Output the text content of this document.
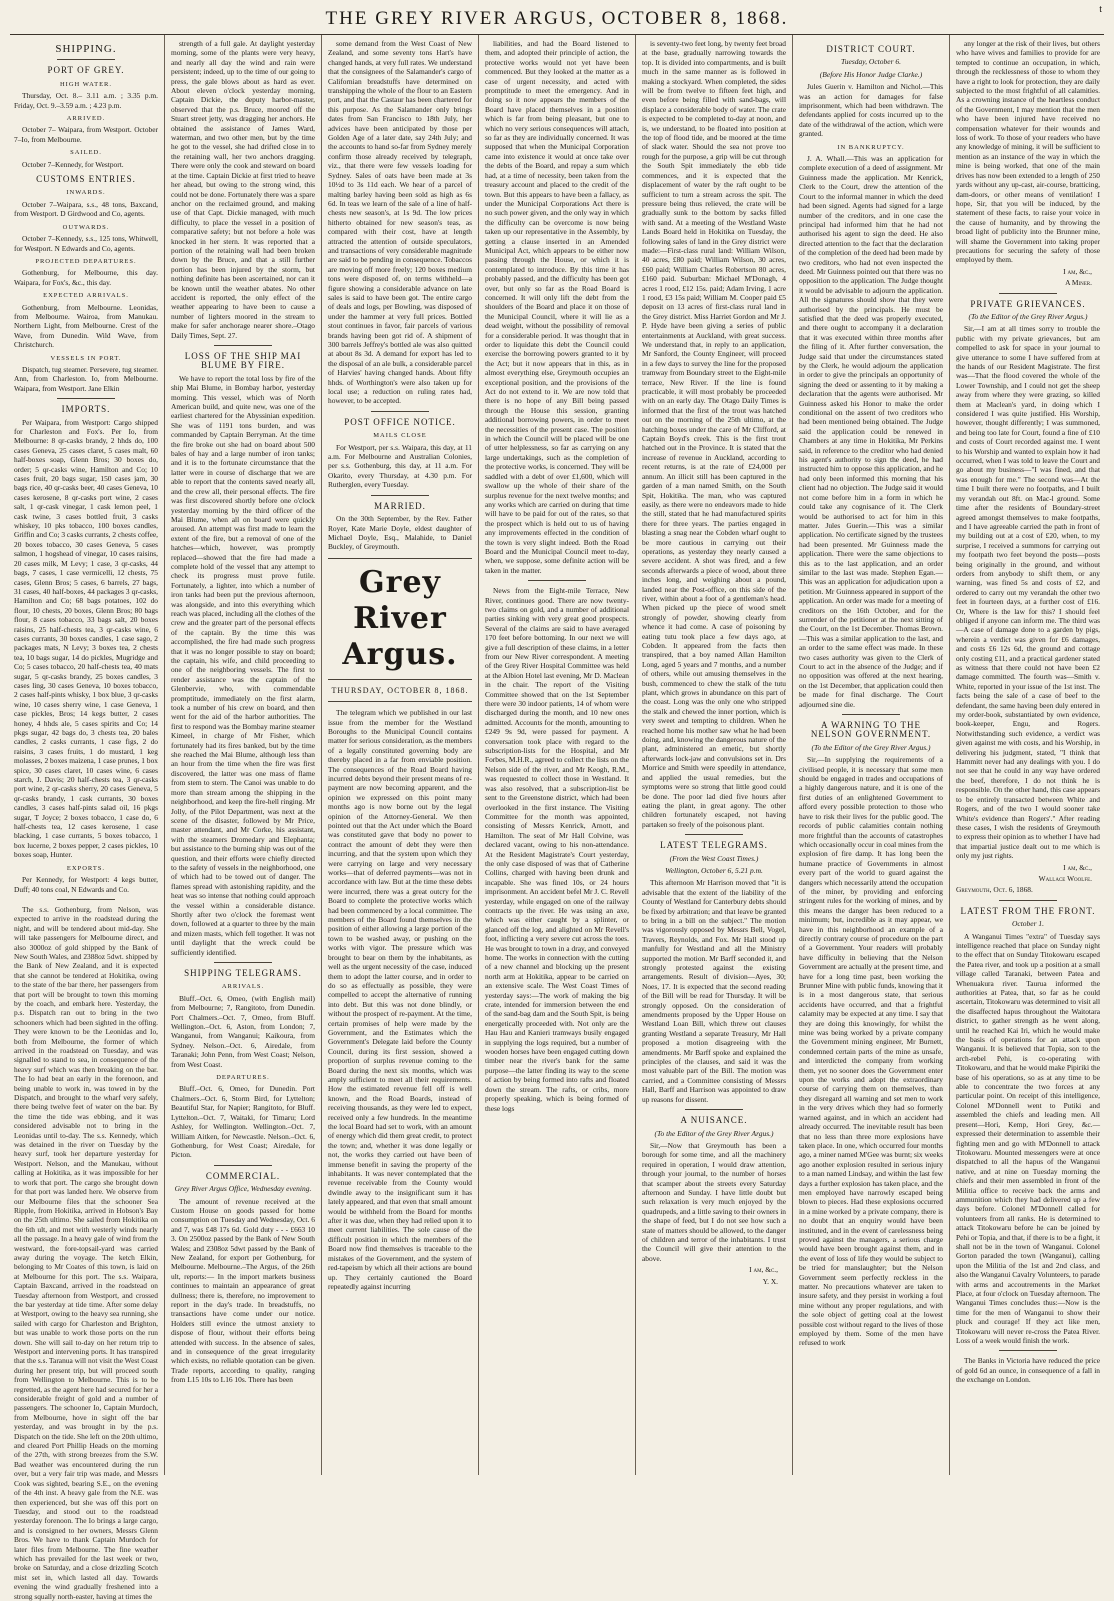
t
THE GREY RIVER ARGUS, OCTOBER 8, 1868.
SHIPPING.
PORT OF GREY.
HIGH WATER.

Thursday, Oct. 8.– 3.11 a.m. ; 3.35 p.m. Friday, Oct. 9.–3.59 a.m. ; 4.23 p.m.

ARRIVED.

October 7– Waipara, from Westport. October 7–Io, from Melbourne.

SAILED.

October 7–Kennedy, for Westport.

CUSTOMS ENTRIES.
INWARDS.

October 7–Waipara, s.s., 48 tons, Baxcand, from Westport. D Girdwood and Co, agents.

OUTWARDS.

October 7–Kennedy, s.s., 125 tons, Whitwell, for Westport. N Edwards and Co, agents.

PROJECTED DEPARTURES.

Gothenburg, for Melbourne, this day. Waipara, for Fox's, &c., this day.

EXPECTED ARRIVALS.

Gothenburg, from Melbourne. Leonidas, from Melbourne. Wairoa, from Manukau. Northern Light, from Melbourne. Crest of the Wave, from Dunedin. Wild Wave, from Christchurch.

VESSELS IN PORT.

Dispatch, tug steamer. Persevere, tug steamer. Ann, from Charleston. Io, from Melbourne. Waipara, from Westport. Jane Elkin

IMPORTS.

Per Waipara, from Westport: Cargo shipped for Charleston and Fox's. Per Io, from Melbourne: 8 qr-casks brandy, 2 hhds do, 100 cases Geneva, 25 cases claret, 5 cases malt, 60 half-boxes soap, Glenn Bros; 30 boxes do, order; 5 qr-casks wine, Hamilton and Co; 10 cases fruit, 20 bags sugar, 150 cases jam, 30 bags rice, 40 qr-casks beer, 40 cases Geneva, 10 cases kerosene, 8 qr-casks port wine, 2 cases salt, 1 qr-cask vinegar, 1 cask lemon peel, 1 cask twine, 3 cases bottled fruit, 3 casks whiskey, 10 pks tobacco, 100 boxes candles, Griffin and Co; 3 casks currants, 2 chests coffee, 20 boxes tobacco, 30 cases Geneva, 5 cases salmon, 1 hogshead of vinegar, 10 cases raisins, 20 cases milk, M Levy; 1 case, 3 qr-casks, 44 bags, 7 cases, 1 case vermicelli, 12 chests, 75 cases, Glenn Bros; 5 cases, 6 barrels, 27 bags, 31 cases, 40 half-boxes, 44 packages 3 qr-casks, Hamilton and Co; 68 bags potatoes, 102 do flour, 10 chests, 20 boxes, Glenn Bros; 80 bags flour, 8 cases tobacco, 33 bags salt, 20 boxes raisins, 25 half-chests tea, 3 qr-casks wine, 6 cases currants, 30 boxes candles, 1 case sago, 2 packages mats, N Levy; 3 boxes tea, 2 chests tea, 10 bags sugar, 14 do pickles, Mugridge and Co; 5 cases tobacco, 20 half-chests tea, 40 mats sugar, 5 qr-casks brandy, 25 boxes candles, 3 cases ling, 30 cases Geneva, 10 boxes tobacco, 2 cases half-pints whisky, 1 box blue, 3 qr-casks wine, 10 cases sherry wine, 1 case Geneva, 1 case pickles, Bros; 14 kegs butter, 2 cases honey, 4 hhds ale, 5 cases spirits and Co; 14 pkgs sugar, 42 bags do, 3 chests tea, 20 bales candles, 2 casks currants, 1 case figs, 2 do raisins, 3 cases fruits, 1 do mustard, 1 keg molasses, 2 boxes maizena, 1 case prunes, 1 box spice, 30 cases claret, 10 cases wine, 6 cases starch, J. Davis; 20 half-chests tea, 3 qr-casks port wine, 2 qr-casks sherry, 20 cases Geneva, 5 qr-casks brandy, 1 cask currants, 30 boxes candles, 3 cases half-pints salad oil, 16 pkgs sugar, T Joyce; 2 boxes tobacco, 1 case do, 6 half-chests tea, 12 cases kerosene, 1 case blacking, 1 case currants, 5 boxes tobacco, 1 box lucerne, 2 boxes pepper, 2 cases pickles, 10 boxes soap, Hunter.

EXPORTS.

Per Kennedy, for Westport: 4 kegs butter, Duff; 40 tons coal, N Edwards and Co.

The s.s. Gothenburg, from Nelson, was expected to arrive in the roadstead during the night, and will be tendered about mid-day. She will take passengers for Melbourne direct, and also 3000oz of gold shipped by the Bank of New South Wales, and 2388oz 5dwt. shipped by the Bank of New Zealand, and it is expected that she cannot be tendered at Hokitika, owing to the state of the bar there, her passengers from that port will be brought to town this morning by the coach, and embark here. Yesterday, the p.s. Dispatch ran out to bring in the two schooners which had been sighted in the offing. They were known to be the Leonidas and Io, both from Melbourne, the former of which arrived in the roadstead on Tuesday, and was signalled to stand to sea, in consequence of the heavy surf which was then breaking on the bar. The Io had beat an early in the forenoon, and being unable to work in, was towed in by the Dispatch, and brought to the wharf very safely, there being twelve feet of water on the bar. By the time the tide was ebbing, and it was considered advisable not to bring in the Leonidas until to-day. The s.s. Kennedy, which was detained in the river on Tuesday by the heavy surf, took her departure yesterday for Westport. Nelson, and the Manukau, without calling at Hokitika, as it was impossible for her to work that port. The cargo she brought down for that port was landed here. We observe from our Melbourne files that the schooner Sea Ripple, from Hokitika, arrived in Hobson's Bay on the 25th ultimo. She sailed from Hokitika on the 6th ult, and met with westerly winds nearly all the passage. In a heavy gale of wind from the westward, the fore-topsail-yard was carried away during the voyage. The ketch Elkin, belonging to Mr Coates of this town, is laid on at Melbourne for this port. The s.s. Waipara, Captain Baxcand, arrived in the roadstead on Tuesday afternoon from Westport, and crossed the bar yesterday at tide time. After some delay at Westport, owing to the heavy sea running, she sailed with cargo for Charleston and Brighton, but was unable to work those ports on the run down. She will sail to-day on her return trip to Westport and intervening ports. It has transpired that the s.s. Taranua will not visit the West Coast during her present trip, but will proceed south from Wellington to Melbourne. This is to be regretted, as the agent here had secured for her a considerable freight of gold and a number of passengers. The schooner Io, Captain Murdoch, from Melbourne, hove in sight off the bar yesterday, and was brought in by the p.s. Dispatch on the tide. She left on the 20th ultimo, and cleared Port Phillip Heads on the morning of the 27th, with strong breezes from the S.W. Bad weather was encountered during the run over, but a very fair trip was made, and Messrs Cook was sighted, bearing S.E., on the evening of the 4th inst. A heavy gale from the N.E. was then experienced, but she was off this port on Tuesday, and stood out to the roadstead yesterday forenoon. The Io brings a large cargo, and is consigned to her owners, Messrs Glenn Bros. We have to thank Captain Murdoch for later files from Melbourne. The fine weather which has prevailed for the last week or two, broke on Saturday, and a close drizzling Scotch mist set in, which lasted all day. Towards evening the wind gradually freshened into a strong squally north-easter, having at times the

strength of a full gale. At daylight yesterday morning, some of the plants were very heavy, and nearly all day the wind and rain were persistent; indeed, up to the time of our going to press, the gale blows about as hard as ever. About eleven o'clock yesterday morning, Captain Dickie, the deputy harbor-master, observed that the p.s. Bruce, moored off the Stuart street jetty, was dragging her anchors. He obtained the assistance of James Ward, waterman, and two other men, but by the time he got to the vessel, she had drifted close in to the retaining wall, her two anchors dragging. There were only the cook and steward on board at the time. Captain Dickie at first tried to heave her ahead, but owing to the strong wind, this could not be done. Fortunately there was a spare anchor on the reclaimed ground, and making use of that Capt. Dickie managed, with much difficulty, to place the vessel in a position of comparative safety; but not before a hole was knocked in her stern. It was reported that a portion of the retaining wall had been broken down by the Bruce, and that a still further portion has been injured by the storm, but nothing definite has been ascertained, nor can it be known until the weather abates. No other accident is reported, the only effect of the weather appearing to have been to cause a number of lighters moored in the stream to make for safer anchorage nearer shore.–Otago Daily Times, Sept. 27.

LOSS OF THE SHIP MAI BLUME BY FIRE.

We have to report the total loss by fire of the ship Mai Blume, in Bombay harbor, yesterday morning. This vessel, which was of North American build, and quite new, was one of the earliest chartered for the Abyssinian expedition. She was of 1191 tons burden, and was commanded by Captain Berryman. At the time the fire broke out she had on board about 500 bales of hay and a large number of iron tanks; and it is to the fortunate circumstance that the latter were in course of discharge that we are able to report that the contents saved nearly all, and the crew all, their personal effects. The fire was first discovered shortly before one o'clock yesterday morning by the third officer of the Mai Blume, when all on board were quickly aroused. An attempt was first made to learn the extent of the fire, but a removal of one of the hatches—which, however, was promptly replaced—showed that the fire had made a complete hold of the vessel that any attempt to check its progress must prove futile. Fortunately, a lighter, into which a number of iron tanks had been put the previous afternoon, was alongside, and into this everything which reach was placed, including all the clothes of the crew and the greater part of the personal effects of the captain. By the time this was accomplished, the fire had made such progress that it was no longer possible to stay on board; the captain, his wife, and child proceeding to one of the neighboring vessels. The first to render assistance was the captain of the Glenbervie, who, with commendable promptitude, immediately on the first alarm, took a number of his crew on board, and then went for the aid of the harbor authorities. The first to respond was the Bombay marine steamer Kimeel, in charge of Mr Fisher, which fortunately had its fires banked, but by the time she reached the Mai Blume, although less than an hour from the time when the fire was first discovered, the latter was one mass of flame from stem to stern. The Canoi was unable to do more than stream among the shipping in the neighborhood, and keep the fire-hell ringing. Mr Jolly, of the Pilot Department, was next at the scene of the disaster, followed by Mr Price, master attendant, and Mr Corke, his assistant, with the steamers Dromedary and Elephanta; but assistance to the burning ship was out of the question, and their efforts were chiefly directed to the safety of vessels in the neighborhood, one of which had to be towed out of danger. The flames spread with astonishing rapidity, and the heat was so intense that nothing could approach the vessel within a considerable distance. Shortly after two o'clock the foremast went down, followed at a quarter to three by the main and mizen masts, which fell together. It was not until daylight that the wreck could be sufficiently identified.

SHIPPING TELEGRAMS.
ARRIVALS.

Bluff.–Oct. 6, Omeo, (with English mail) from Melbourne; 7, Rangitoto, from Dunedin. Port Chalmers.–Oct. 7, Omeo, from Bluff. Wellington.–Oct. 6, Aston, from London; 7, Wanganui, from Wanganui; Kaikoura, from Sydney. Nelson.–Oct. 6, Airedale, from Taranaki; John Penn, from West Coast; Nelson, from West Coast.

DEPARTURES.

Bluff.–Oct. 6, Omeo, for Dunedin. Port Chalmers.–Oct. 6, Storm Bird, for Lyttelton; Beautiful Star, for Napier; Rangitoto, for Bluff. Lyttelton.–Oct. 7, Waitaki, for Timaru; Lord Ashley, for Wellington. Wellington.–Oct. 7, William Aitken, for Newcastle. Nelson.–Oct. 6, Gothenburg, for West Coast; Airedale, for Picton.

COMMERCIAL.
Grey River Argus Office, Wednesday evening.

The amount of revenue received at the Custom House on goods passed for home consumption on Tuesday and Wednesday, Oct. 6 and 7, was £48 17s 6d. Gold duty - - - £663 10 3. On 2500oz passed by the Bank of New South Wales; and 2308oz 5dwt passed by the Bank of New Zealand, for export per Gothenburg, for Melbourne. Melbourne.–The Argus, of the 26th ult, reports:— In the import markets business continues to maintain an appearance of great dullness; there is, therefore, no improvement to report in the day's trade. In breadstuffs, no transactions have come under our notice. Holders still evince the utmost anxiety to dispose of flour, without their efforts being attended with success. In the absence of sales, and in consequence of the great irregularity which exists, no reliable quotation can be given. Trade reports, according to quality, ranging from L15 10s to L16 10s. There has been

some demand from the West Coast of New Zealand, and some seventy tons Hart's have changed hands, at very full rates. We understand that the consignees of the Salamander's cargo of Californian breadstuffs have determined on transhipping the whole of the flour to an Eastern port, and that the Castaur has been chartered for this purpose. As the Salamander only brings dates from San Francisco to 18th July, her advices have been anticipated by those per Golden Age of a later date, say 24th July; and the accounts to hand so-far from Sydney merely confirm those already received by telegraph, viz., that there were few vessels loading for Sydney. Sales of oats have been made at 3s 10½d to 3s 11d each. We hear of a parcel of malting barley having been sold as high as 6s 6d. In teas we learn of the sale of a line of half-chests new season's, at 1s 9d. The low prices hitherto obtained for new season's teas, as compared with their cost, have at length attracted the attention of outside speculators, and transactions of very considerable magnitude are said to be pending in consequence. Tobaccos are moving off more freely; 120 boxes medium tons were disposed of, on terms withheld—a figure showing a considerable advance on late sales is said to have been got. The entire cargo of deals and logs, per Bowling, was disposed of under the hammer at very full prices. Bottled stout continues in favor, fair parcels of various brands having been got rid of. A shipment of 300 barrels Jeffrey's bottled ale was also quitted at about 8s 3d. A demand for export has led to the disposal of an ale bulk, a considerable parcel of Harvies' having changed hands. About fifty hhds. of Worthington's were also taken up for local use; a reduction on ruling rates had, however, to be accepted.

POST OFFICE NOTICE.
MAILS CLOSE

For Westport, per s.s. Waipara, this day, at 11 a.m. For Melbourne and Australian Colonies, per s.s. Gothenburg, this day, at 11 a.m. For Okarito, every Thursday, at 4.30 p.m. For Rutherglen, every Tuesday.

MARRIED.

On the 30th September, by the Rev. Father Royer, Kate Marie Doyle, eldest daughter of Michael Doyle, Esq., Malahide, to Daniel Buckley, of Greymouth.

Grey River Argus.
THURSDAY, OCTOBER 8, 1868.

The telegram which we published in our last issue from the member for the Westland Boroughs to the Municipal Council contains matter for serious consideration, as the members of a legally constituted governing body are thereby placed in a far from enviable position. The consequences of the Road Board having incurred debts beyond their present means of re-payment are now becoming apparent, and the opinion we expressed on this point many months ago is now borne out by the legal opinion of the Attorney-General. We then pointed out that the Act under which the Board was constituted gave that body no power to contract the amount of debt they were then incurring, and that the system upon which they were carrying on large and very necessary works—that of deferred payments—was not in accordance with law. But at the time these debts were incurred, there was a great outcry for the Board to complete the protective works which had been commenced by a local committee. The members of the Board found themselves in the position of either allowing a large portion of the town to be washed away, or pushing on the works with vigor. The pressure which was brought to bear on them by the inhabitants, as well as the urgent necessity of the case, induced them to adopt the latter course, and in order to do so as effectually as possible, they were compelled to accept the alternative of running into debt. But this was not done blindly, or without the prospect of re-payment. At the time, certain promises of help were made by the Government, and the Estimates which the Government's Delegate laid before the County Council, during its first session, showed a proportion of surplus revenue coming to the Board during the next six months, which was amply sufficient to meet all their requirements. How the estimated revenue fell off is well known, and the Road Boards, instead of receiving thousands, as they were led to expect, received only a few hundreds. In the meantime the local Board had set to work, with an amount of energy which did them great credit, to protect the town; and, whether it was done legally or not, the works they carried out have been of immense benefit in saving the property of the inhabitants. It was never contemplated that the revenue receivable from the County would dwindle away to the insignificant sum it has lately appeared, and that even that small amount would be withheld from the Board for months after it was due, when they had relied upon it to meet current liabilities. The sole cause of the difficult position in which the members of the Board now find themselves is traceable to the mistakes of the Government, and the system of red-tapeism by which all their actions are bound up. They certainly cautioned the Board repeatedly against incurring

liabilities, and had the Board listened to them, and adopted their principle of action, the protective works would not yet have been commenced. But they looked at the matter as a case of urgent necessity, and acted with promptitude to meet the emergency. And in doing so it now appears the members of the Board have placed themselves in a position which is far from being pleasant, but one to which no very serious consequences will attach, so far as they are individually concerned. It was supposed that when the Municipal Corporation came into existence it would at once take over the debts of the Board, and repay a sum which had, at a time of necessity, been taken from the treasury account and placed to the credit of the town. But this appears to have been a fallacy, as under the Municipal Corporations Act there is no such power given, and the only way in which the difficulty can be overcome is now being taken up our representative in the Assembly, by getting a clause inserted in an Amended Municipal Act, which appears to be either now passing through the House, or which it is contemplated to introduce. By this time it has probably passed, and the difficulty has been got over, but only so far as the Road Board is concerned. It will only lift the debt from the shoulders of the Board and place it on those of the Municipal Council, where it will lie as a dead weight, without the possibility of removal for a considerable period. It was thought that in order to liquidate this debt the Council could exercise the borrowing powers granted to it by the Act; but it now appears that in this, as in almost everything else, Greymouth occupies an exceptional position, and the provisions of the Act do not extend to it. We are now told that there is no hope of any Bill being passed through the House this session, granting additional borrowing powers, in order to meet the necessities of the present case. The position in which the Council will be placed will be one of utter helplessness, so far as carrying on any large undertakings, such as the completion of the protective works, is concerned. They will be saddled with a debt of over £1,600, which will swallow up the whole of their share of the surplus revenue for the next twelve months; and any works which are carried on during that time will have to be paid for out of the rates, so that the prospect which is held out to us of having any improvements effected in the condition of the town is very slight indeed. Both the Road Board and the Municipal Council meet to-day, when, we suppose, some definite action will be taken in the matter.

News from the Eight-mile Terrace, New River, continues good. There are now twenty-two claims on gold, and a number of additional parties sinking with very great good prospects. Several of the claims are said to have averaged 170 feet before bottoming. In our next we will give a full description of these claims, in a letter from our New River correspondent. A meeting of the Grey River Hospital Committee was held at the Albion Hotel last evening, Mr D. Maclean in the chair. The report of the Visiting Committee showed that on the 1st September there were 30 indoor patients, 14 of whom were discharged during the month, and 10 new ones admitted. Accounts for the month, amounting to £249 9s 9d, were passed for payment. A conversation took place with regard to the subscription-lists for the Hospital, and Mr Forbes, M.H.R., agreed to collect the lists on the Nelson side of the river, and Mr Keogh, R.M., was requested to collect those in Westland. It was also resolved, that a subscription-list be sent to the Greenstone district, which had been overlooked in the first instance. The Visiting Committee for the month was appointed, consisting of Messrs Kenrick, Arnott, and Hamilton. The seat of Mr Hall Colvine, was declared vacant, owing to his non-attendance. At the Resident Magistrate's Court yesterday, the only case disposed of was that of Catherine Collins, charged with having been drunk and incapable. She was fined 10s, or 24 hours imprisonment. An accident befel Mr J. C. Revell yesterday, while engaged on one of the railway contracts up the river. He was using an axe, which was either caught by a splinter, or glanced off the log, and alighted on Mr Revell's foot, inflicting a very severe cut across the toes. He was brought to town in a dray, and conveyed home. The works in connection with the cutting of a new channel and blocking up the present north arm at Hokitika, appear to be carried on an extensive scale. The West Coast Times of yesterday says:—The work of making the big crate, intended for immersion between the end of the sand-bag dam and the South Spit, is being energetically proceeded with. Not only are the Hau Hau and Kanieri tramways busily engaged in supplying the logs required, but a number of wooden horses have been engaged cutting down timber near the river's bank for the same purpose—the latter finding its way to the scene of action by being formed into rafts and floated down the stream. The rafts, or cribs, more properly speaking, which is being formed of these logs

is seventy-two feet long, by twenty feet broad at the base, gradually narrowing towards the top. It is divided into compartments, and is built much in the same manner as is followed in making a stockyard. When completed, the sides will be from twelve to fifteen feet high, and even before being filled with sand-bags, will displace a considerable body of water. The crate is expected to be completed to-day at noon, and is, we understand, to be floated into position at the top of flood tide, and be moored at the time of slack water. Should the sea not prove too rough for the purpose, a grip will be cut through the South Spit immediately the ebb tide commences, and it is expected that the displacement of water by the raft ought to be sufficient to turn a stream across the spit. The pressure being thus relieved, the crate will be gradually sunk to the bottom by sacks filled with sand. At a meeting of the Westland Waste Lands Board held in Hokitika on Tuesday, the following sales of land in the Grey district were made:—First-class rural land: William Wilson, 40 acres, £80 paid; William Wilson, 30 acres, £60 paid; William Charles Robertson 80 acres, £160 paid. Suburban: Michael M'Donagh, 4 acres 1 rood, £12 15s. paid; Adam Irving, 1 acre 1 rood, £3 15s paid; William M. Cooper paid £5 deposit on 13 acres of first-class rural land in the Grey district. Miss Harriet Gordon and Mr J. P. Hyde have been giving a series of public entertainments at Auckland, with great success. We understand that, in reply to an application, Mr Sanford, the County Engineer, will proceed in a few days to survey the line for the proposed tramway from Boundary street to the Eight-mile terrace, New River. If the line is found practicable, it will most probably be proceeded with on an early day. The Otago Daily Times is informed that the first of the trout was hatched out on the morning of the 25th ultimo, at the hatching boxes under the care of Mr Clifford, at Captain Boyd's creek. This is the first trout hatched out in the Province. It is stated that the increase of revenue in Auckland, according to recent returns, is at the rate of £24,000 per annum. An illicit still has been captured in the garden of a man named Smith, on the South Spit, Hokitika. The man, who was captured easily, as there were no endeavors made to hide the still, stated that he had manufactured spirits there for three years. The parties engaged in blasting a snag near the Cobden wharf ought to be more cautious in carrying out their operations, as yesterday they nearly caused a severe accident. A shot was fired, and a few seconds afterwards a piece of wood, about three inches long, and weighing about a pound, landed near the Post-office, on this side of the river, within about a foot of a gentleman's head. When picked up the piece of wood smelt strongly of powder, showing clearly from whence it had come. A case of poisoning by eating tutu took place a few days ago, at Cobden. It appeared from the facts then transpired, that a boy named Allan Hamilton Long, aged 5 years and 7 months, and a number of others, while out amusing themselves in the bush, commenced to chew the stalk of the tutu plant, which grows in abundance on this part of the coast. Long was the only one who stripped the stalk and chewed the inner portion, which is very sweet and tempting to children. When he reached home his mother saw what he had been doing, and, knowing the dangerous nature of the plant, administered an emetic, but shortly afterwards lock-jaw and convulsions set in. Drs Morrice and Smith were speedily in attendance, and applied the usual remedies, but the symptoms were so strong that little good could be done. The poor lad died five hours after eating the plant, in great agony. The other children fortunately escaped, not having partaken so freely of the poisonous plant.

LATEST TELEGRAMS.
(From the West Coast Times.)
Wellington, October 6, 5.21 p.m.

This afternoon Mr Harrison moved that "it is advisable that the extent of the liability of the County of Westland for Canterbury debts should be fixed by arbitration; and that leave be granted to bring in a bill on the subject." The motion was vigorously opposed by Messrs Bell, Vogel, Travers, Reynolds, and Fox. Mr Hall stood up manfully for Westland and all the Ministry supported the motion. Mr Barff seconded it, and strongly protested against the existing arrangements. Result of division—Ayes, 30; Noes, 17. It is expected that the second reading of the Bill will be read for Thursday. It will be strongly opposed. On the consideration of amendments proposed by the Upper House on Westland Loan Bill, which threw out clauses granting Westland a separate Treasury, Mr Hall proposed a motion disagreeing with the amendments. Mr Barff spoke and explained the principles of the clauses, and said it was the most valuable part of the Bill. The motion was carried, and a Committee consisting of Messrs Hall, Barff and Harrison was appointed to draw up reasons for dissent.

A NUISANCE.
(To the Editor of the Grey River Argus.)

Sir,—Now that Greymouth has been a borough for some time, and all the machinery required in operation, I would draw attention, through your journal, to the number of horses that scamper about the streets every Saturday afternoon and Sunday. I have little doubt but such relaxation is very much enjoyed by the quadrupeds, and a little saving to their owners in the shape of feed, but I do not see how such a state of matters should be allowed, to the danger of children and terror of the inhabitants. I trust the Council will give their attention to the above.

I am, &c.,
Y. X.
DISTRICT COURT.
Tuesday, October 6.
(Before His Honor Judge Clarke.)

Jules Guerin v. Hamilton and Nichol.—This was an action for damages for false imprisonment, which had been withdrawn. The defendants applied for costs incurred up to the date of the withdrawal of the action, which were granted.

IN BANKRUPTCY.

J. A. Whall.—This was an application for complete execution of a deed of assignment. Mr Guinness made the application. Mr Kenrick, Clerk to the Court, drew the attention of the Court to the informal manner in which the deed had been signed. Agents had signed for a large number of the creditors, and in one case the principal had informed him that he had not authorised his agent to sign the deed. He also directed attention to the fact that the declaration of the completion of the deed had been made by two creditors, who had not even inspected the deed. Mr Guinness pointed out that there was no opposition to the application. The Judge thought it would be advisable to adjourn the application. All the signatures should show that they were authorised by the principals. He must be satisfied that the deed was properly executed, and there ought to accompany it a declaration that it was executed within three months after the filing of it. After further conversation, the Judge said that under the circumstances stated by the Clerk, he would adjourn the application in order to give the principals an opportunity of signing the deed or assenting to it by making a declaration that the agents were authorised. Mr Guinness asked his Honor to make the order conditional on the assent of two creditors who had been mentioned being obtained. The Judge said the application could be renewed in Chambers at any time in Hokitika, Mr Perkins said, in reference to the creditor who had denied his agent's authority to sign the deed, he had instructed him to oppose this application, and he had only been informed this morning that his client had no objection. The Judge said it would not come before him in a form in which he could take any cognisance of it. The Clerk would be authorised to act for him in this matter. Jules Guerin.—This was a similar application. No certificate signed by the trustees had been presented. Mr Guinness made the application. There were the same objections to this as to the last application, and an order similar to the last was made. Stephen Egan.—This was an application for adjudication upon a petition. Mr Guinness appeared in support of the application. An order was made for a meeting of creditors on the 16th October, and for the surrender of the petitioner at the next sitting of the Court, on the 1st December. Thomas Brown.—This was a similar application to the last, and an order to the same effect was made. In these two cases authority was given to the Clerk of Court to act in the absence of the Judge; and if no opposition was offered at the next hearing, on the 1st December, that application could then be made for final discharge. The Court adjourned sine die.

A WARNING TO THE NELSON GOVERNMENT.
(To the Editor of the Grey River Argus.)

Sir,—In supplying the requirements of a civilised people, it is necessary that some men should be engaged in trades and occupations of a highly dangerous nature, and it is one of the first duties of an enlightened Government to afford every possible protection to those who have to risk their lives for the public good. The records of public calamities contain nothing more frightful than the accounts of catastrophes which occasionally occur in coal mines from the explosion of fire damp. It has long been the humane practice of Governments in almost every part of the world to guard against the dangers which necessarily attend the occupation of the miner, by providing and enforcing stringent rules for the working of mines, and by this means the danger has been reduced to a minimum; but, incredible as it may appear, we have in this neighborhood an example of a directly contrary course of procedure on the part of a Government. Your readers will probably have difficulty in believing that the Nelson Government are actually at the present time, and have for a long time past, been working the Brunner Mine with public funds, knowing that it is in a most dangerous state, that serious accidents have occurred, and that a frightful calamity may be expected at any time. I say that they are doing this knowingly, for whilst the mine was being worked by a private company the Government mining engineer, Mr Burnett, condemned certain parts of the mine as unsafe, and interdicted the company from working them, yet no sooner does the Government enter upon the works and adopt the extraordinary course of carrying them on themselves, than they disregard all warning and set men to work in the very drives which they had so formerly warned against, and in which an accident had already occurred. The inevitable result has been that no less than three more explosions have taken place. In one, which occurred four months ago, a miner named M'Gee was burnt; six weeks ago another explosion resulted in serious injury to a man named Lindsay, and within the last few days a further explosion has taken place, and the men employed have narrowly escaped being blown to pieces. Had these explosions occurred in a mine worked by a private company, there is no doubt that an enquiry would have been instituted, and in the event of carelessness being proved against the managers, a serious charge would have been brought against them, and in the event of loss of life they would be subject to be tried for manslaughter; but the Nelson Government seem perfectly reckless in the matter. No precautions whatever are taken to insure safety, and they persist in working a foul mine without any proper regulations, and with the sole object of getting coal at the lowest possible cost without regard to the lives of those employed by them. Some of the men have refused to work

any longer at the risk of their lives, but others who have wives and families to provide for are tempted to continue an occupation, in which, through the recklessness of those to whom they have a right to look for protection, they are daily subjected to the most frightful of all calamities. As a crowning instance of the heartless conduct of the Government, I may mention that the men who have been injured have received no compensation whatever for their wounds and loss of work. To those of your readers who have any knowledge of mining, it will be sufficient to mention as an instance of the way in which the mine is being worked, that one of the main drives has now been extended to a length of 250 yards without any up-cast, air-course, bratticing, dam-doors, or other means of ventilation! I hope, Sir, that you will be induced, by the statement of these facts, to raise your voice in the cause of humanity, and by throwing the broad light of publicity into the Brunner mine, will shame the Government into taking proper precautions for securing the safety of those employed by them.

I am, &c.,
A Miner.
PRIVATE GRIEVANCES.
(To the Editor of the Grey River Argus.)

Sir,—I am at all times sorry to trouble the public with my private grievances, but am compelled to ask for space in your journal to give utterance to some I have suffered from at the hands of our Resident Magistrate. The first was—That the flood covered the whole of the Lower Township, and I could not get the sheep away from where they were grazing, so killed them at Maclean's yard, in doing which I considered I was quite justified. His Worship, however, thought differently; I was summoned, and being too late for Court, found a fine of £10 and costs of Court recorded against me. I went to his Worship and wanted to explain how it had occurred, when I was told to leave the Court and go about my business—"I was fined, and that was enough for me." The second was—At the time I built there were no footpaths, and I built my verandah out 8ft. on Mac-l ground. Some time after the residents of Boundary-street agreed amongst themselves to make footpaths, and I have agreeable carried the path in front of my building out at a cost of £20, when, to my surprise, I received a summons for carrying out my footpath two feet beyond the posts—posts being originally in the ground, and without orders from anybody to shift them, or any warning, was fined 5s and costs of £2, and ordered to carry out my verandah the other two feet in fourteen days, at a further cost of £16. Or, Where is the law for this? I should feel obliged if anyone can inform me. The third was—A case of damage done to a garden by pigs, wherein a verdict was given for £6 damages, and costs £6 12s 6d, the ground and cottage only costing £11, and a practical gardener stated as witness that there could not have been £2 damage committed. The fourth was—Smith v. White, reported in your issue of the 1st inst. The facts being the sale of a case of beef to the defendant, the same having been duly entered in my order-book, substantiated by own evidence, book-keeper, Engu, and Rogers. Notwithstanding such evidence, a verdict was given against me with costs, and his Worship, in delivering his judgment, stated, "I think that Hammitt never had any dealings with you. I do not see that he could in any way have ordered the beef, therefore, I do not think he is responsible. On the other hand, this case appears to be entirely transacted between White and Rogers, and of the two I would sooner take White's evidence than Rogers'." After reading these cases, I wish the residents of Greymouth to express their opinion as to whether I have had that impartial justice dealt out to me which is only my just rights.

I am, &c.,
Wallace Woolfe.
Greymouth, Oct. 6, 1868.
LATEST FROM THE FRONT.
October 1.

A Wanganui Times "extra" of Tuesday says intelligence reached that place on Sunday night to the effect that on Sunday Titokowaru escaped the Patea river, and took up a position at a small village called Taranaki, between Patea and Whenuakura river. Taurua informed the authorities at Patea, that, so far as he could ascertain, Titokowaru was determined to visit all the disaffected hapus throughout the Waitotara district, to gather strength as he went along, until he reached Kai Iri, which he would make the basis of operations for an attack upon Wanganui. It is believed that Topia, son to the arch-rebel Pehi, is co-operating with Titokowaru, and that he would make Pipiriki the base of his operations, so as at any time to be able to concentrate the two forces at any particular point. On receipt of this intelligence, Colonel M'Donnell went to Putiki and assembled the chiefs and leading men. All present—Hori, Kemp, Hori Grey, &c.—expressed their determination to assemble their fighting men and go with M'Donnell to attack Titokowaru. Mounted messengers were at once dispatched to all the hapus of the Wanganui native, and at nine on Tuesday morning the chiefs and their men assembled in front of the Militia office to receive back the arms and ammunition which they had delivered up a few days before. Colonel M'Donnell called for volunteers from all ranks. He is determined to attack Titokowaru before he can be joined by Pehi or Topia, and that, if there is to be a fight, it shall not be in the town of Wanganui. Colonel Gorton paraded the town (Wanganui), calling upon the Militia of the 1st and 2nd class, and also the Wanganui Cavalry Volunteers, to parade with arms and accoutrements in the Market Place, at four o'clock on Tuesday afternoon. The Wanganui Times concludes thus:—Now is the time for the men of Wanganui to show their pluck and courage! If they act like men, Titokowaru will never re-cross the Patea River. Loss of a week would finish the work.

The Banks in Victoria have reduced the price of gold 6d an ounce, in consequence of a fall in the exchange on London.
